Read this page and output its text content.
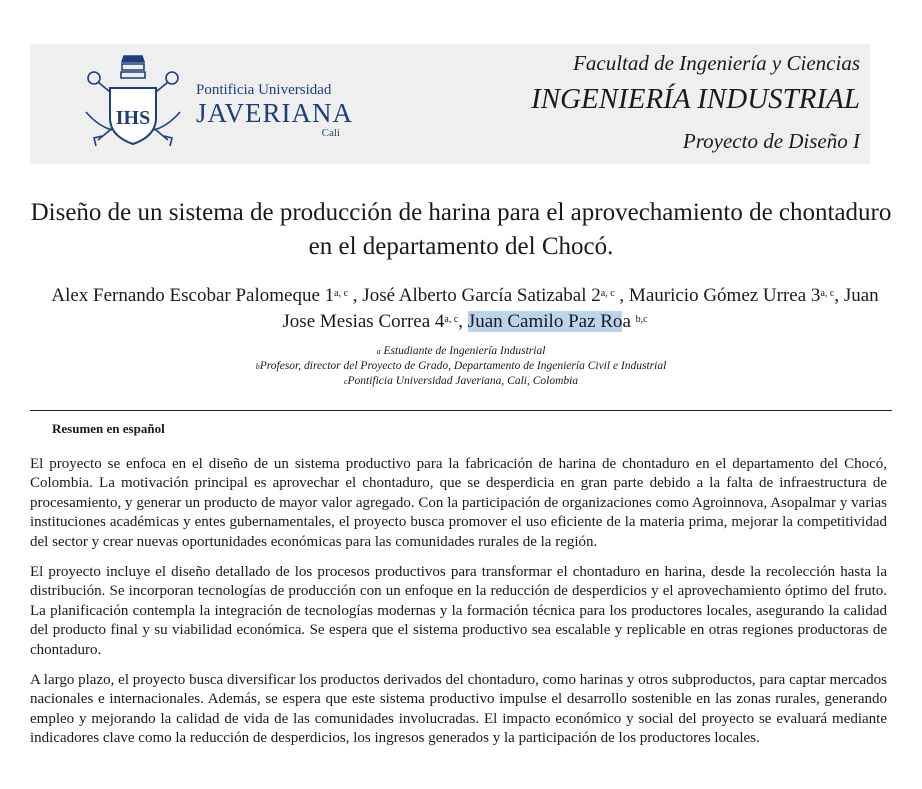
IHS
Pontificia Universidad
JAVERIANA
Cali
Facultad de Ingeniería y Ciencias
INGENIERÍA INDUSTRIAL
Proyecto de Diseño I
Diseño de un sistema de producción de harina para el aprovechamiento de chontaduro en el departamento del Chocó.
Alex Fernando Escobar Palomeque 1$^{a, c}$ , José Alberto García Satizabal 2$^{a, c}$ , Mauricio Gómez Urrea 3$^{a, c}$, Juan Jose Mesias Correa 4$^{a, c}$, Juan Camilo Paz Roa $^{b,c}$
$^a$ Estudiante de Ingeniería Industrial
$^b$Profesor, director del Proyecto de Grado, Departamento de Ingeniería Civil e Industrial
$^c$Pontificia Universidad Javeriana, Cali, Colombia
Resumen en español

El proyecto se enfoca en el diseño de un sistema productivo para la fabricación de harina de chontaduro en el departamento del Chocó, Colombia. La motivación principal es aprovechar el chontaduro, que se desperdicia en gran parte debido a la falta de infraestructura de procesamiento, y generar un producto de mayor valor agregado. Con la participación de organizaciones como Agroinnova, Asopalmar y varias instituciones académicas y entes gubernamentales, el proyecto busca promover el uso eficiente de la materia prima, mejorar la competitividad del sector y crear nuevas oportunidades económicas para las comunidades rurales de la región.

El proyecto incluye el diseño detallado de los procesos productivos para transformar el chontaduro en harina, desde la recolección hasta la distribución. Se incorporan tecnologías de producción con un enfoque en la reducción de desperdicios y el aprovechamiento óptimo del fruto. La planificación contempla la integración de tecnologías modernas y la formación técnica para los productores locales, asegurando la calidad del producto final y su viabilidad económica. Se espera que el sistema productivo sea escalable y replicable en otras regiones productoras de chontaduro.

A largo plazo, el proyecto busca diversificar los productos derivados del chontaduro, como harinas y otros subproductos, para captar mercados nacionales e internacionales. Además, se espera que este sistema productivo impulse el desarrollo sostenible en las zonas rurales, generando empleo y mejorando la calidad de vida de las comunidades involucradas. El impacto económico y social del proyecto se evaluará mediante indicadores clave como la reducción de desperdicios, los ingresos generados y la participación de los productores locales.
